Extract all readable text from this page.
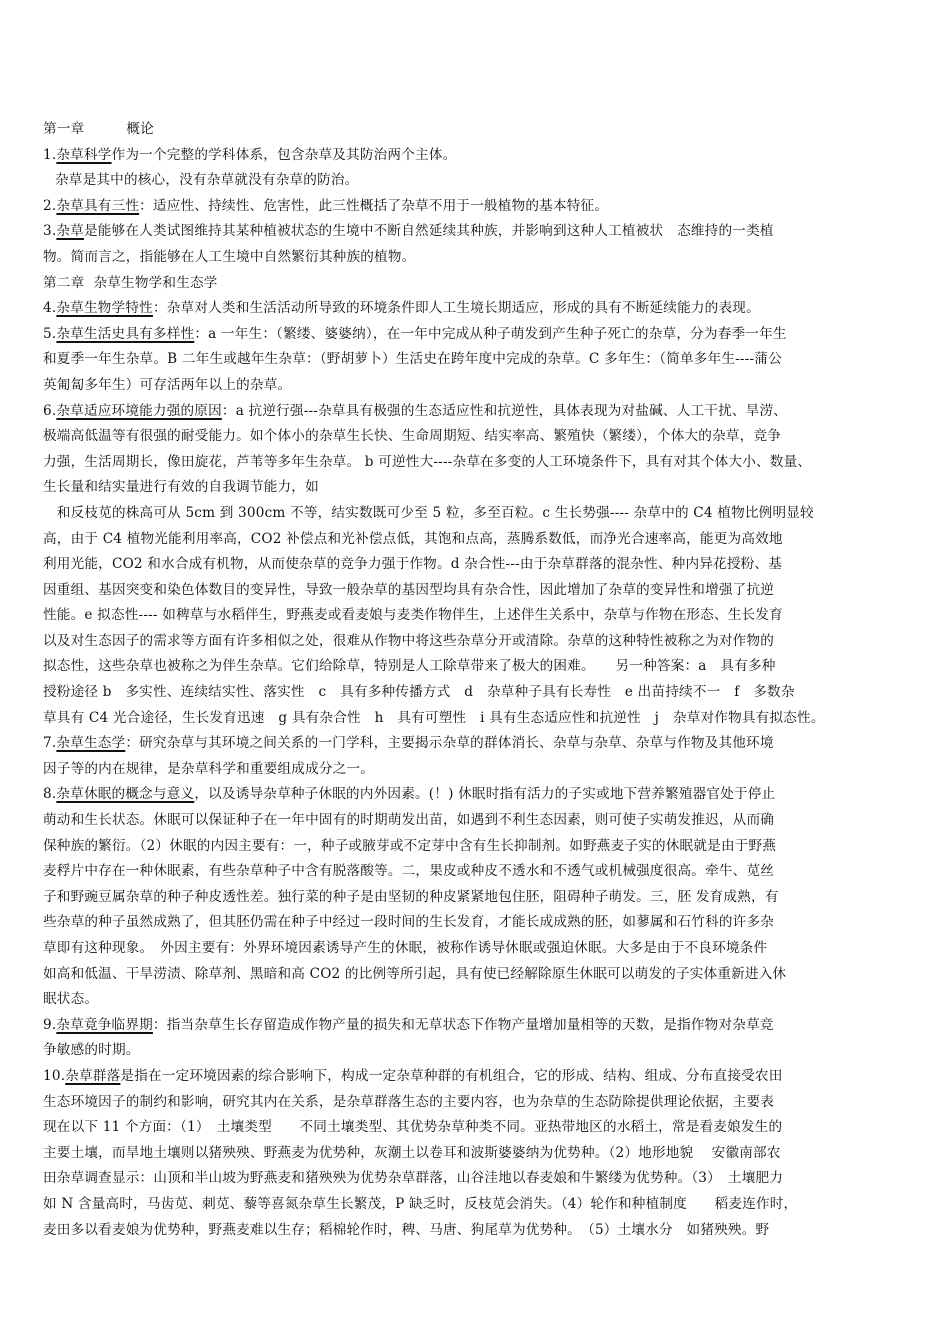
第一章	概论
1.杂草科学作为一个完整的学科体系，包含杂草及其防治两个主体。
杂草是其中的核心，没有杂草就没有杂草的防治。
2.杂草具有三性：适应性、持续性、危害性，此三性概括了杂草不用于一般植物的基本特征。
3.杂草是能够在人类试图维持其某种植被状态的生境中不断自然延续其种族，并影响到这种人工植被状　态维持的一类植
物。简而言之，指能够在人工生境中自然繁衍其种族的植物。
第二章 杂草生物学和生态学
4.杂草生物学特性：杂草对人类和生活活动所导致的环境条件即人工生境长期适应，形成的具有不断延续能力的表现。
5.杂草生活史具有多样性：a 一年生：（繁缕、婆婆纳），在一年中完成从种子萌发到产生种子死亡的杂草，分为春季一年生
和夏季一年生杂草。B 二年生或越年生杂草：（野胡萝卜）生活史在跨年度中完成的杂草。C 多年生：（简单多年生----蒲公
英匍匐多年生）可存活两年以上的杂草。
6.杂草适应环境能力强的原因：a 抗逆行强---杂草具有极强的生态适应性和抗逆性，具体表现为对盐碱、人工干扰、旱涝、
极端高低温等有很强的耐受能力。如个体小的杂草生长快、生命周期短、结实率高、繁殖快（繁缕），个体大的杂草，竞争
力强，生活周期长，像田旋花，芦苇等多年生杂草。 b 可逆性大----杂草在多变的人工环境条件下，具有对其个体大小、数量、
生长量和结实量进行有效的自我调节能力，如
　和反枝苋的株高可从 5cm 到 300cm 不等，结实数既可少至 5 粒，多至百粒。c 生长势强---- 杂草中的 C4 植物比例明显较
高，由于 C4 植物光能利用率高，CO2 补偿点和光补偿点低，其饱和点高，蒸腾系数低，而净光合速率高，能更为高效地
利用光能，CO2 和水合成有机物，从而使杂草的竞争力强于作物。d 杂合性---由于杂草群落的混杂性、种内异花授粉、基
因重组、基因突变和染色体数目的变异性，导致一般杂草的基因型均具有杂合性，因此增加了杂草的变异性和增强了抗逆
性能。e 拟态性---- 如稗草与水稻伴生，野燕麦或看麦娘与麦类作物伴生，上述伴生关系中，杂草与作物在形态、生长发育
以及对生态因子的需求等方面有许多相似之处，很难从作物中将这些杂草分开或清除。杂草的这种特性被称之为对作物的
拟态性，这些杂草也被称之为伴生杂草。它们给除草，特别是人工除草带来了极大的困难。　　另一种答案：a　具有多种
授粉途径 b　多实性、连续结实性、落实性　c　具有多种传播方式　d　杂草种子具有长寿性　e 出苗持续不一　f　多数杂
草具有 C4 光合途径，生长发育迅速　g 具有杂合性　h　具有可塑性　i 具有生态适应性和抗逆性　j　杂草对作物具有拟态性。
7.杂草生态学：研究杂草与其环境之间关系的一门学科，主要揭示杂草的群体消长、杂草与杂草、杂草与作物及其他环境
因子等的内在规律，是杂草科学和重要组成成分之一。
8.杂草休眠的概念与意义，以及诱导杂草种子休眠的内外因素。(！) 休眠时指有活力的子实或地下营养繁殖器官处于停止
萌动和生长状态。休眠可以保证种子在一年中固有的时期萌发出苗，如遇到不利生态因素，则可使子实萌发推迟，从而确
保种族的繁衍。（2）休眠的内因主要有：一，种子或腋芽或不定芽中含有生长抑制剂。如野燕麦子实的休眠就是由于野燕
麦稃片中存在一种休眠素，有些杂草种子中含有脱落酸等。二，果皮或种皮不透水和不透气或机械强度很高。牵牛、苋丝
子和野豌豆属杂草的种子种皮透性差。独行菜的种子是由坚韧的种皮紧紧地包住胚，阻碍种子萌发。三，胚 发育成熟，有
些杂草的种子虽然成熟了，但其胚仍需在种子中经过一段时间的生长发育，才能长成成熟的胚，如蓼属和石竹科的许多杂
草即有这种现象。　外因主要有：外界环境因素诱导产生的休眠，被称作诱导休眠或强迫休眠。大多是由于不良环境条件
如高和低温、干旱涝渍、除草剂、黑暗和高 CO2 的比例等所引起，具有使已经解除原生休眠可以萌发的子实体重新进入休
眠状态。
9.杂草竟争临界期：指当杂草生长存留造成作物产量的损失和无草状态下作物产量增加量相等的天数，是指作物对杂草竞
争敏感的时期。
10.杂草群落是指在一定环境因素的综合影响下，构成一定杂草种群的有机组合，它的形成、结构、组成、分布直接受农田
生态环境因子的制约和影响，研究其内在关系，是杂草群落生态的主要内容，也为杂草的生态防除提供理论依据，主要表
现在以下 11 个方面：（1）　土壤类型　　不同土壤类型、其优势杂草种类不同。亚热带地区的水稻土，常是看麦娘发生的
主要土壤，而旱地土壤则以猪殃殃、野燕麦为优势种，灰潮土以卷耳和波斯婆婆纳为优势种。（2）地形地貌　 安徽南部农
田杂草调查显示：山顶和半山坡为野燕麦和猪殃殃为优势杂草群落，山谷洼地以春麦娘和牛繁缕为优势种。（3）　土壤肥力
如 N 含量高时，马齿苋、刺苋、藜等喜氮杂草生长繁茂，P 缺乏时，反枝苋会消失。（4）轮作和种植制度　　稻麦连作时，
麦田多以看麦娘为优势种，野燕麦难以生存；稻棉轮作时，稗、马唐、狗尾草为优势种。　（5）土壤水分　如猪殃殃。野
